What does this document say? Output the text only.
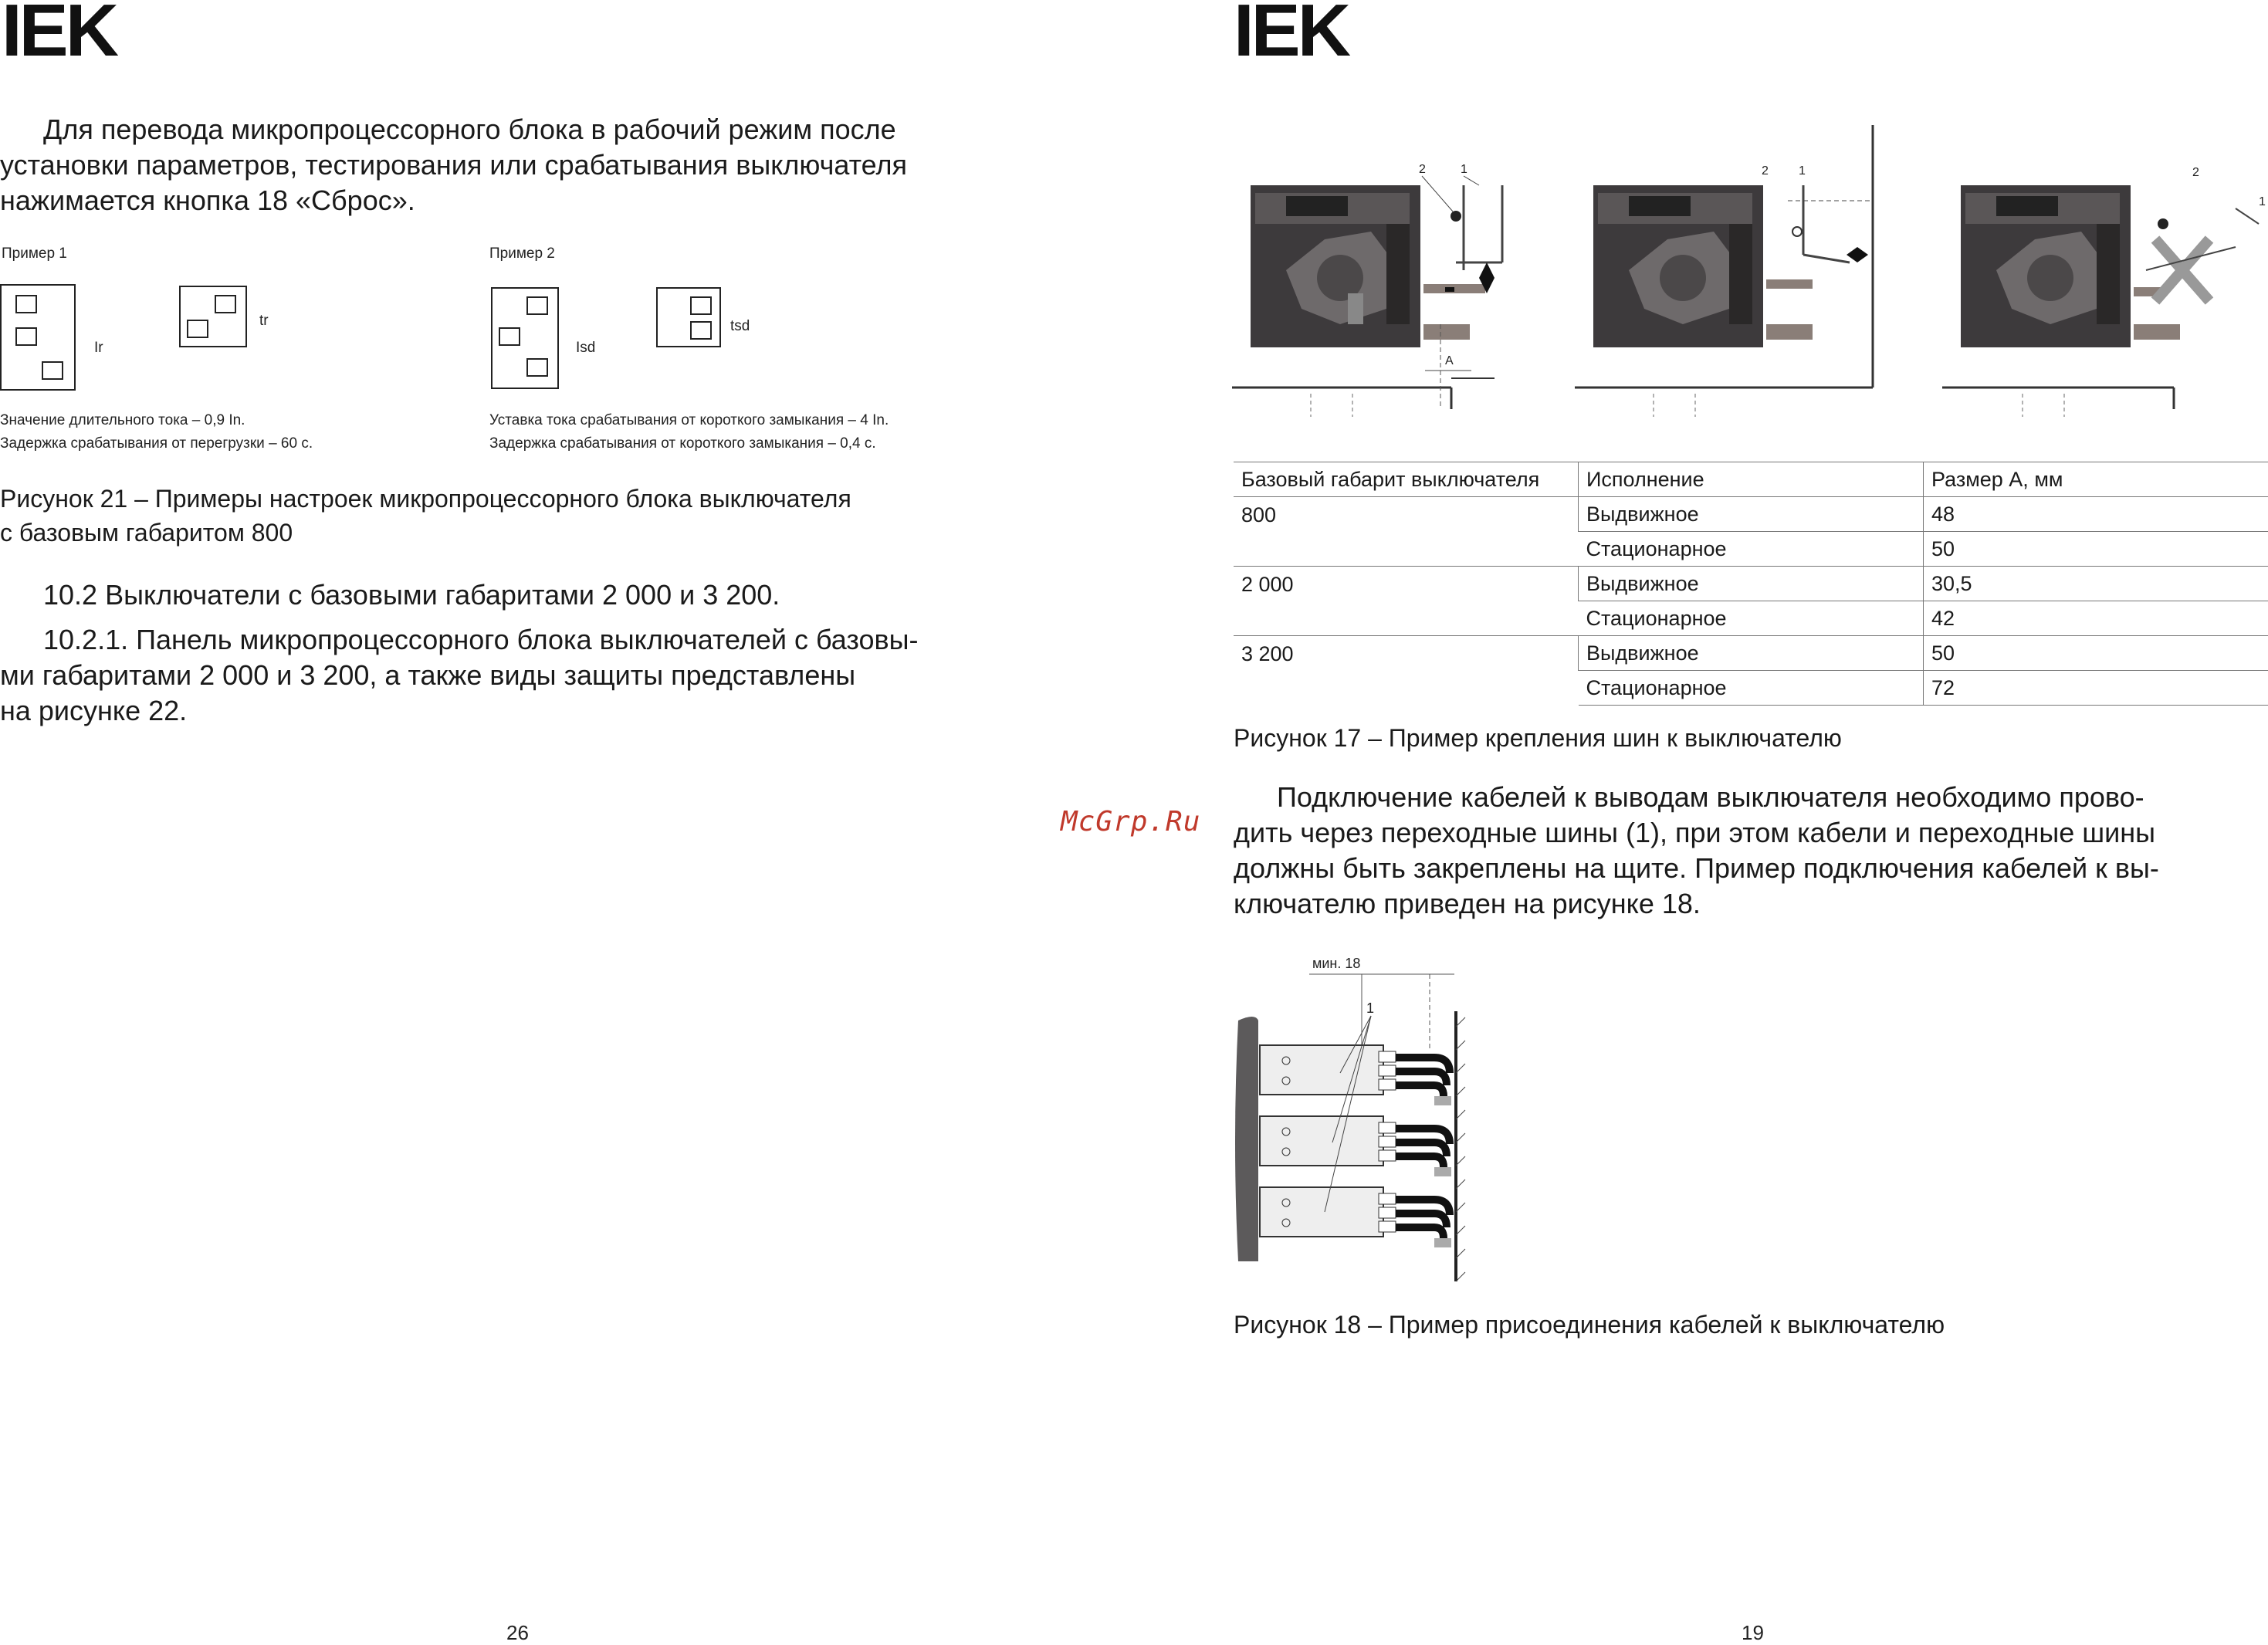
IEK

Для перевода микропроцессорного блока в рабочий режим после

установки параметров, тестирования или срабатывания выключателя

нажимается кнопка 18 «Сброс».

Пример 1
Ir
tr
Значение длительного тока – 0,9 In.
Задержка срабатывания от перегрузки – 60 с.
Пример 2
Isd
tsd
Уставка тока срабатывания от короткого замыкания – 4 In.
Задержка срабатывания от короткого замыкания – 0,4 с.
Рисунок 21 – Примеры настроек микропроцессорного блока выключателя
с базовым габаритом 800
10.2 Выключатели с базовыми габаритами 2 000 и 3 200.

10.2.1. Панель микропроцессорного блока выключателей с базовы-

ми габаритами 2 000 и 3 200, а также виды защиты представлены

на рисунке 22.

26
McGrp.Ru
IEK
2	1
A
2 1	2
1
Базовый габарит выключателя	Исполнение	Размер А, мм
800	Выдвижное	48
	Стационарное	50
2 000	Выдвижное	30,5
	Стационарное	42
3 200	Выдвижное	50
	Стационарное	72
Рисунок 17 – Пример крепления шин к выключателю

Подключение кабелей к выводам выключателя необходимо прово-

дить через переходные шины (1), при этом кабели и переходные шины

должны быть закреплены на щите. Пример подключения кабелей к вы-

ключателю приведен на рисунке 18.

мин. 18
1
Рисунок 18 – Пример присоединения кабелей к выключателю
19
